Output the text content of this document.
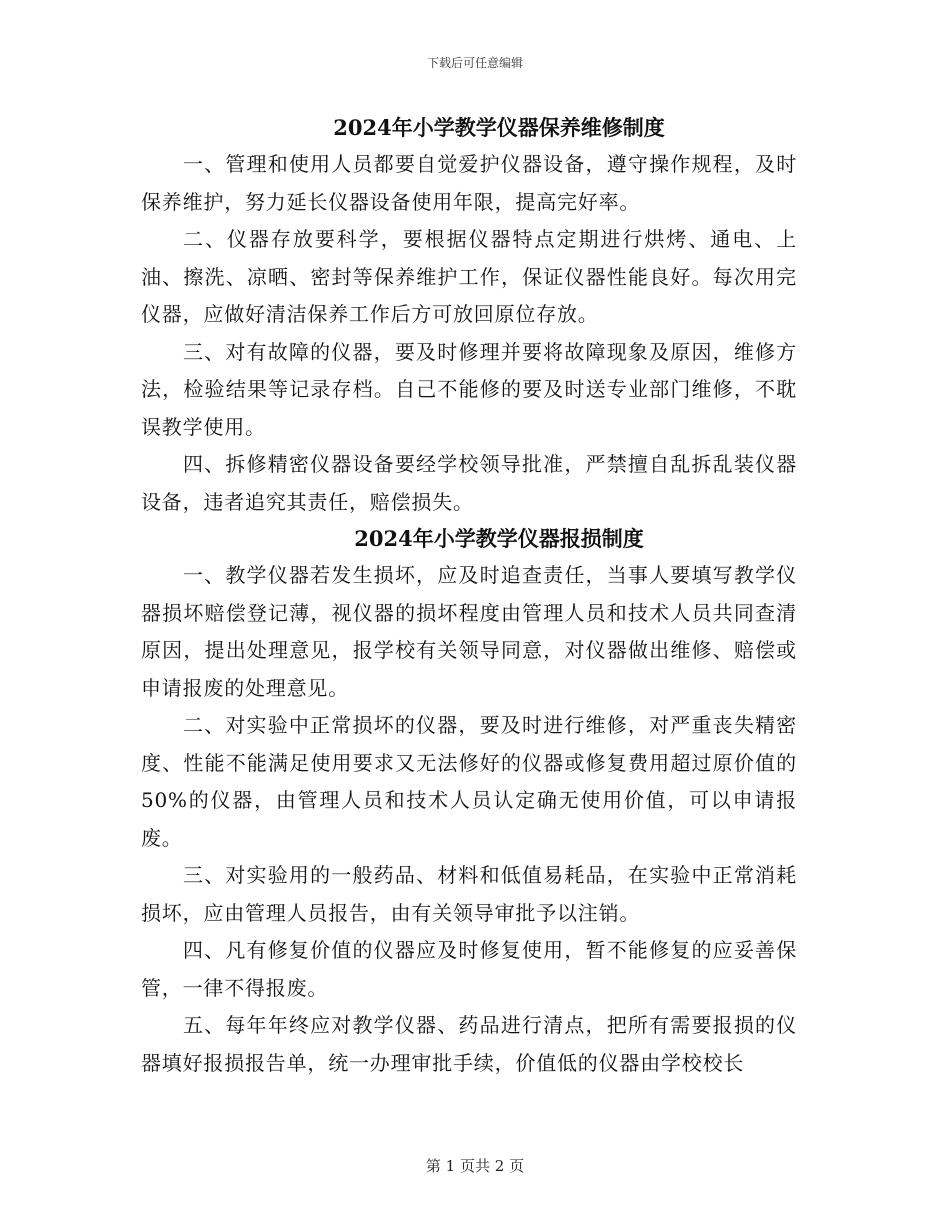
下载后可任意编辑
2024年小学教学仪器保养维修制度

一、管理和使用人员都要自觉爱护仪器设备，遵守操作规程，及时保养维护，努力延长仪器设备使用年限，提高完好率。

二、仪器存放要科学，要根据仪器特点定期进行烘烤、通电、上油、擦洗、凉晒、密封等保养维护工作，保证仪器性能良好。每次用完仪器，应做好清洁保养工作后方可放回原位存放。

三、对有故障的仪器，要及时修理并要将故障现象及原因，维修方法，检验结果等记录存档。自己不能修的要及时送专业部门维修，不耽误教学使用。

四、拆修精密仪器设备要经学校领导批准，严禁擅自乱拆乱装仪器设备，违者追究其责任，赔偿损失。

2024年小学教学仪器报损制度

一、教学仪器若发生损坏，应及时追查责任，当事人要填写教学仪器损坏赔偿登记薄，视仪器的损坏程度由管理人员和技术人员共同查清原因，提出处理意见，报学校有关领导同意，对仪器做出维修、赔偿或申请报废的处理意见。

二、对实验中正常损坏的仪器，要及时进行维修，对严重丧失精密度、性能不能满足使用要求又无法修好的仪器或修复费用超过原价值的50%的仪器，由管理人员和技术人员认定确无使用价值，可以申请报废。

三、对实验用的一般药品、材料和低值易耗品，在实验中正常消耗损坏，应由管理人员报告，由有关领导审批予以注销。

四、凡有修复价值的仪器应及时修复使用，暂不能修复的应妥善保管，一律不得报废。

五、每年年终应对教学仪器、药品进行清点，把所有需要报损的仪器填好报损报告单，统一办理审批手续，价值低的仪器由学校校长

第 1 页共 2 页
